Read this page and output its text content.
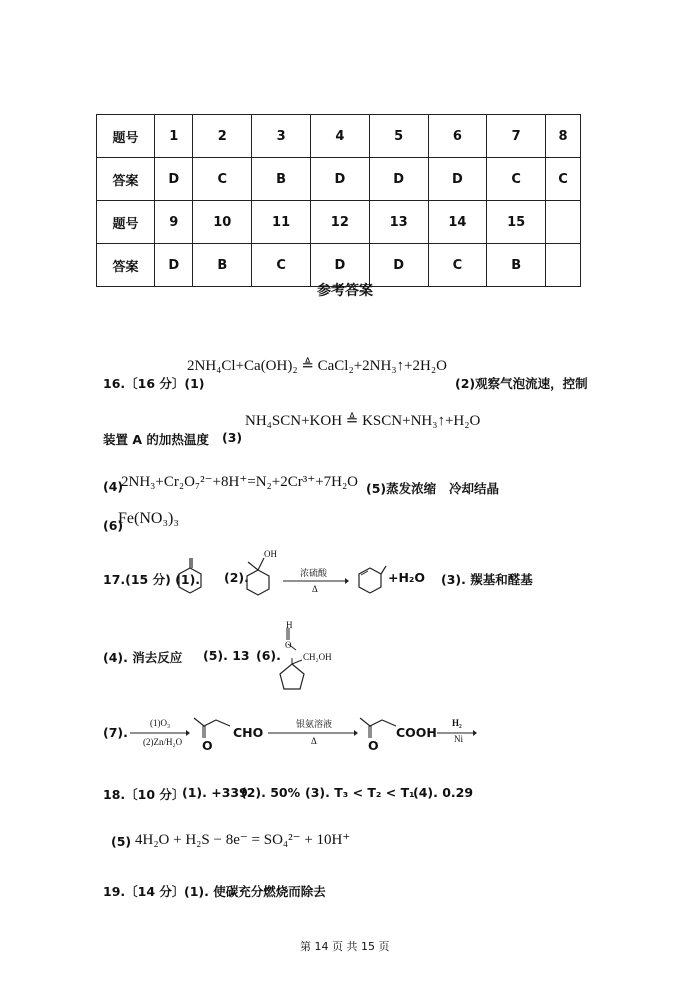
题号	1	2	3	4	5	6	7	8
答案	D	C	B	D	D	D	C	C
题号	9	10	11	12	13	14	15	
答案	D	B	C	D	D	C	B	
参考答案
2NH₄Cl+Ca(OH)₂ ≜ CaCl₂+2NH₃↑+2H₂O
16.〔16 分〕(1)	(2)观察气泡流速，控制
NH₄SCN+KOH ≜ KSCN+NH₃↑+H₂O
装置 A 的加热温度 (3)
(4)
2NH₃+Cr₂O₇²⁻+8H⁺=N₂+2Cr³⁺+7H₂O (5)蒸发浓缩 冷却结晶
(6)
Fe(NO₃)₃
17.(15 分) (1). (2).
OH
浓硫酸
Δ
+H₂O (3). 羰基和醛基
(4). 消去反应 (5). 13 (6).
H
O
CH₂OH
(7).
(1)O₃
(2)Zn/H₂O O
CHO
银氨溶液
Δ	O
COOH
H₂
Ni
18.〔10 分〕
(1). +339
(2). 50% (3). T₃ < T₂ < T₁
(4). 0.29
(5) 4H₂O + H₂S − 8e⁻ = SO₄²⁻ + 10H⁺
19.〔14 分〕 (1). 使碳充分燃烧而除去
第 14 页 共 15 页
